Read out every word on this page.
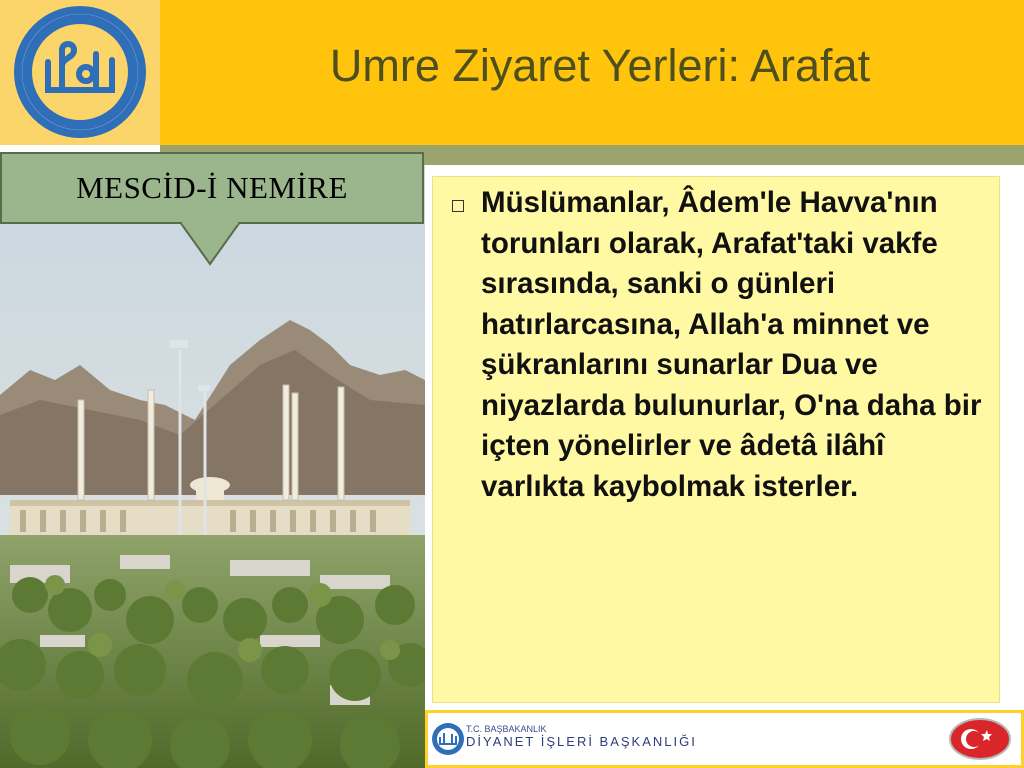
Umre Ziyaret Yerleri: Arafat
MESCİD-İ NEMİRE	Müslümanlar, Âdem'le Havva'nın torunları olarak, Arafat'taki vakfe sırasında, sanki o günleri hatırlarcasına, Allah'a minnet ve şükranlarını sunarlar Dua ve niyazlarda bulunurlar, O'na daha bir içten yönelirler ve âdetâ ilâhî varlıkta kaybolmak isterler.
T.C. BAŞBAKANLIK
DİYANET İŞLERİ BAŞKANLIĞI
